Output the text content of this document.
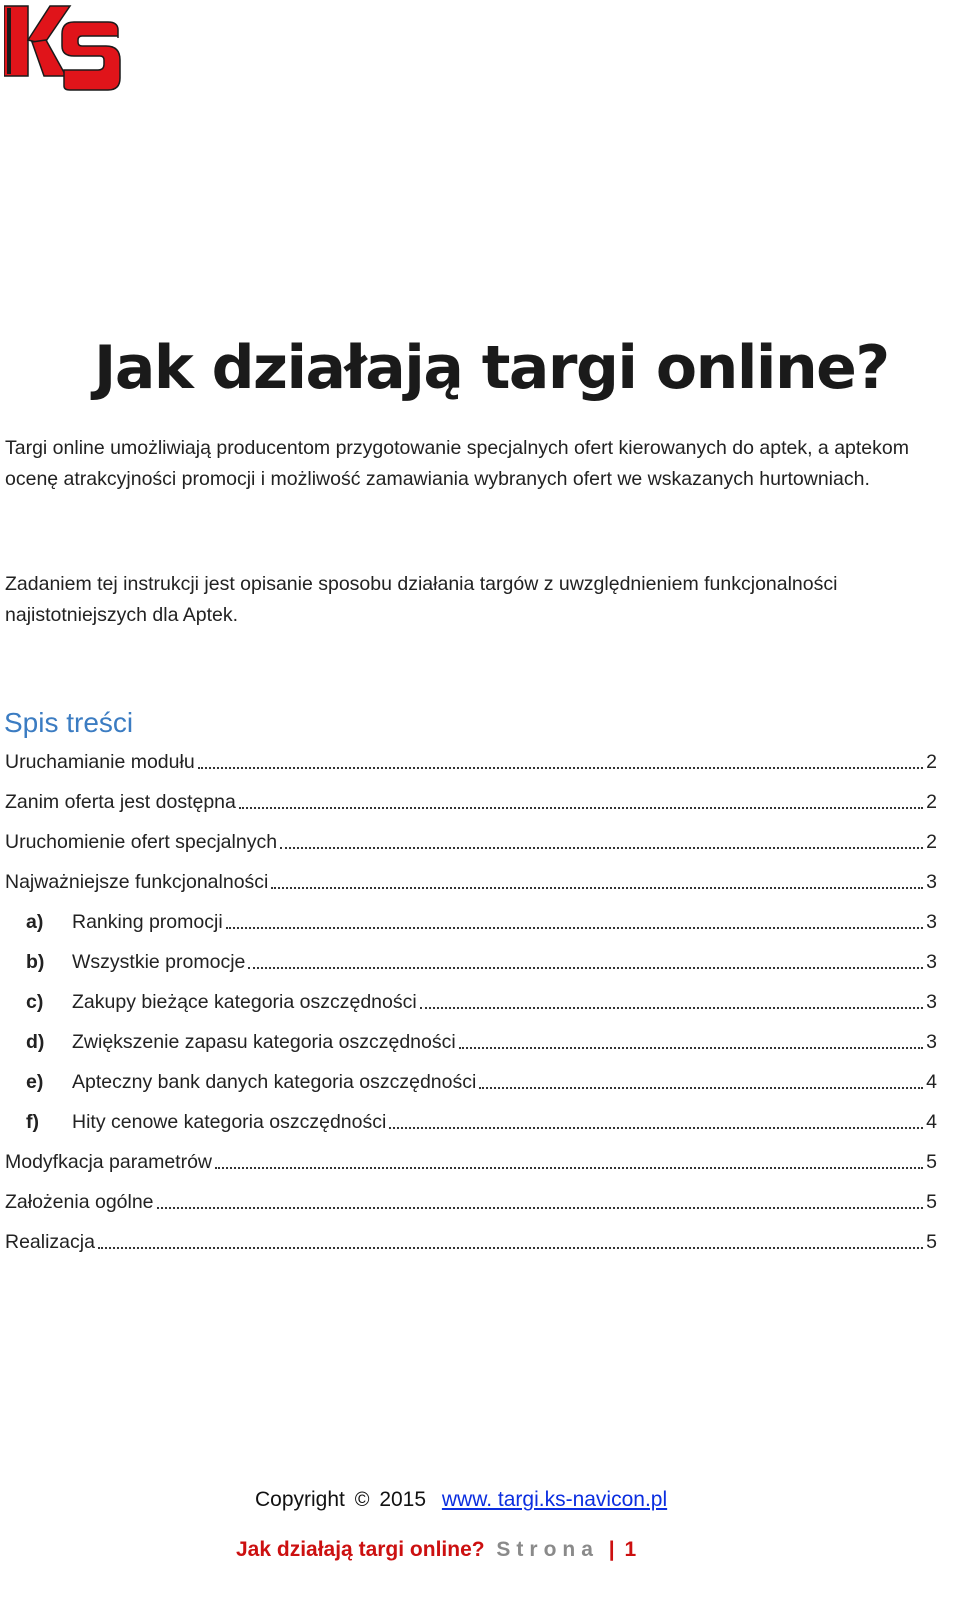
Jak działają targi online?

Targi online umożliwiają producentom przygotowanie specjalnych ofert kierowanych do aptek, a aptekom ocenę atrakcyjności promocji i możliwość zamawiania wybranych ofert we wskazanych hurtowniach.

Zadaniem tej instrukcji jest opisanie sposobu działania targów z uwzględnieniem funkcjonalności najistotniejszych dla Aptek.

Spis treści
Uruchamianie modułu	2
Zanim oferta jest dostępna	2
Uruchomienie ofert specjalnych	2
Najważniejsze funkcjonalności	3
a)	Ranking promocji	3
b)	Wszystkie promocje	3
c)	Zakupy bieżące kategoria oszczędności	3
d)	Zwiększenie zapasu kategoria oszczędności	3
e)	Apteczny bank danych kategoria oszczędności	4
f)	Hity cenowe kategoria oszczędności	4
Modyfkacja parametrów	5
Założenia ogólne	5
Realizacja	5
Copyright © 2015 www. targi.ks-navicon.pl
Jak działają targi online? Strona | 1
